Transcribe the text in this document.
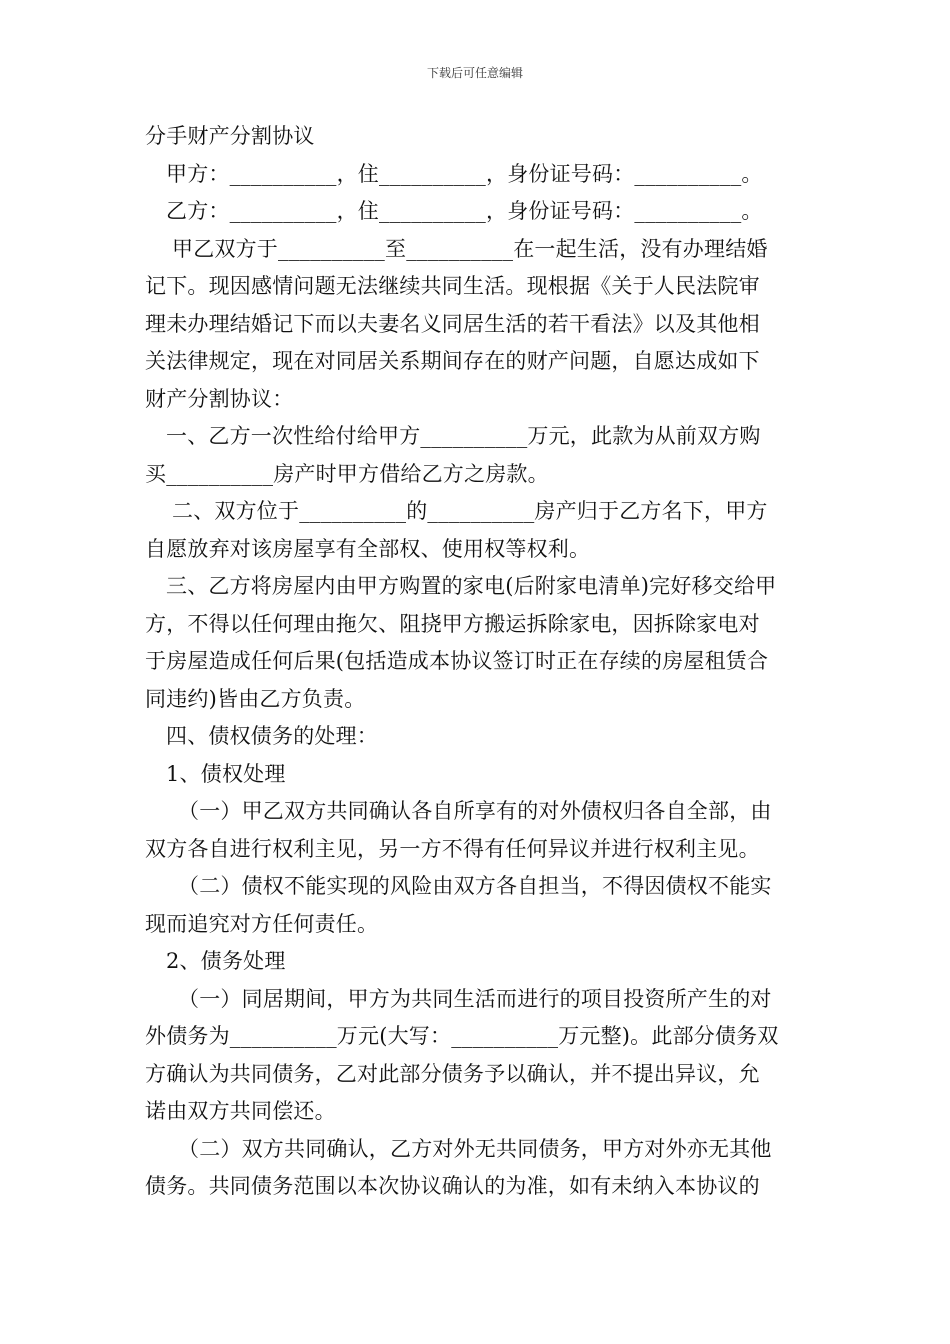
下载后可任意编辑
分手财产分割协议
甲方：__________，住__________，身份证号码：__________。
乙方：__________，住__________，身份证号码：__________。
甲乙双方于__________至__________在一起生活，没有办理结婚
记下。现因感情问题无法继续共同生活。现根据《关于人民法院审
理未办理结婚记下而以夫妻名义同居生活的若干看法》以及其他相
关法律规定，现在对同居关系期间存在的财产问题，自愿达成如下
财产分割协议：
一、乙方一次性给付给甲方__________万元，此款为从前双方购
买__________房产时甲方借给乙方之房款。
二、双方位于__________的__________房产归于乙方名下，甲方
自愿放弃对该房屋享有全部权、使用权等权利。
三、乙方将房屋内由甲方购置的家电(后附家电清单)完好移交给甲
方，不得以任何理由拖欠、阻挠甲方搬运拆除家电，因拆除家电对
于房屋造成任何后果(包括造成本协议签订时正在存续的房屋租赁合
同违约)皆由乙方负责。
四、债权债务的处理：
1、债权处理
（一）甲乙双方共同确认各自所享有的对外债权归各自全部，由
双方各自进行权利主见，另一方不得有任何异议并进行权利主见。
（二）债权不能实现的风险由双方各自担当，不得因债权不能实
现而追究对方任何责任。
2、债务处理
（一）同居期间，甲方为共同生活而进行的项目投资所产生的对
外债务为__________万元(大写：__________万元整)。此部分债务双
方确认为共同债务，乙对此部分债务予以确认，并不提出异议，允
诺由双方共同偿还。
（二）双方共同确认，乙方对外无共同债务，甲方对外亦无其他
债务。共同债务范围以本次协议确认的为准，如有未纳入本协议的
